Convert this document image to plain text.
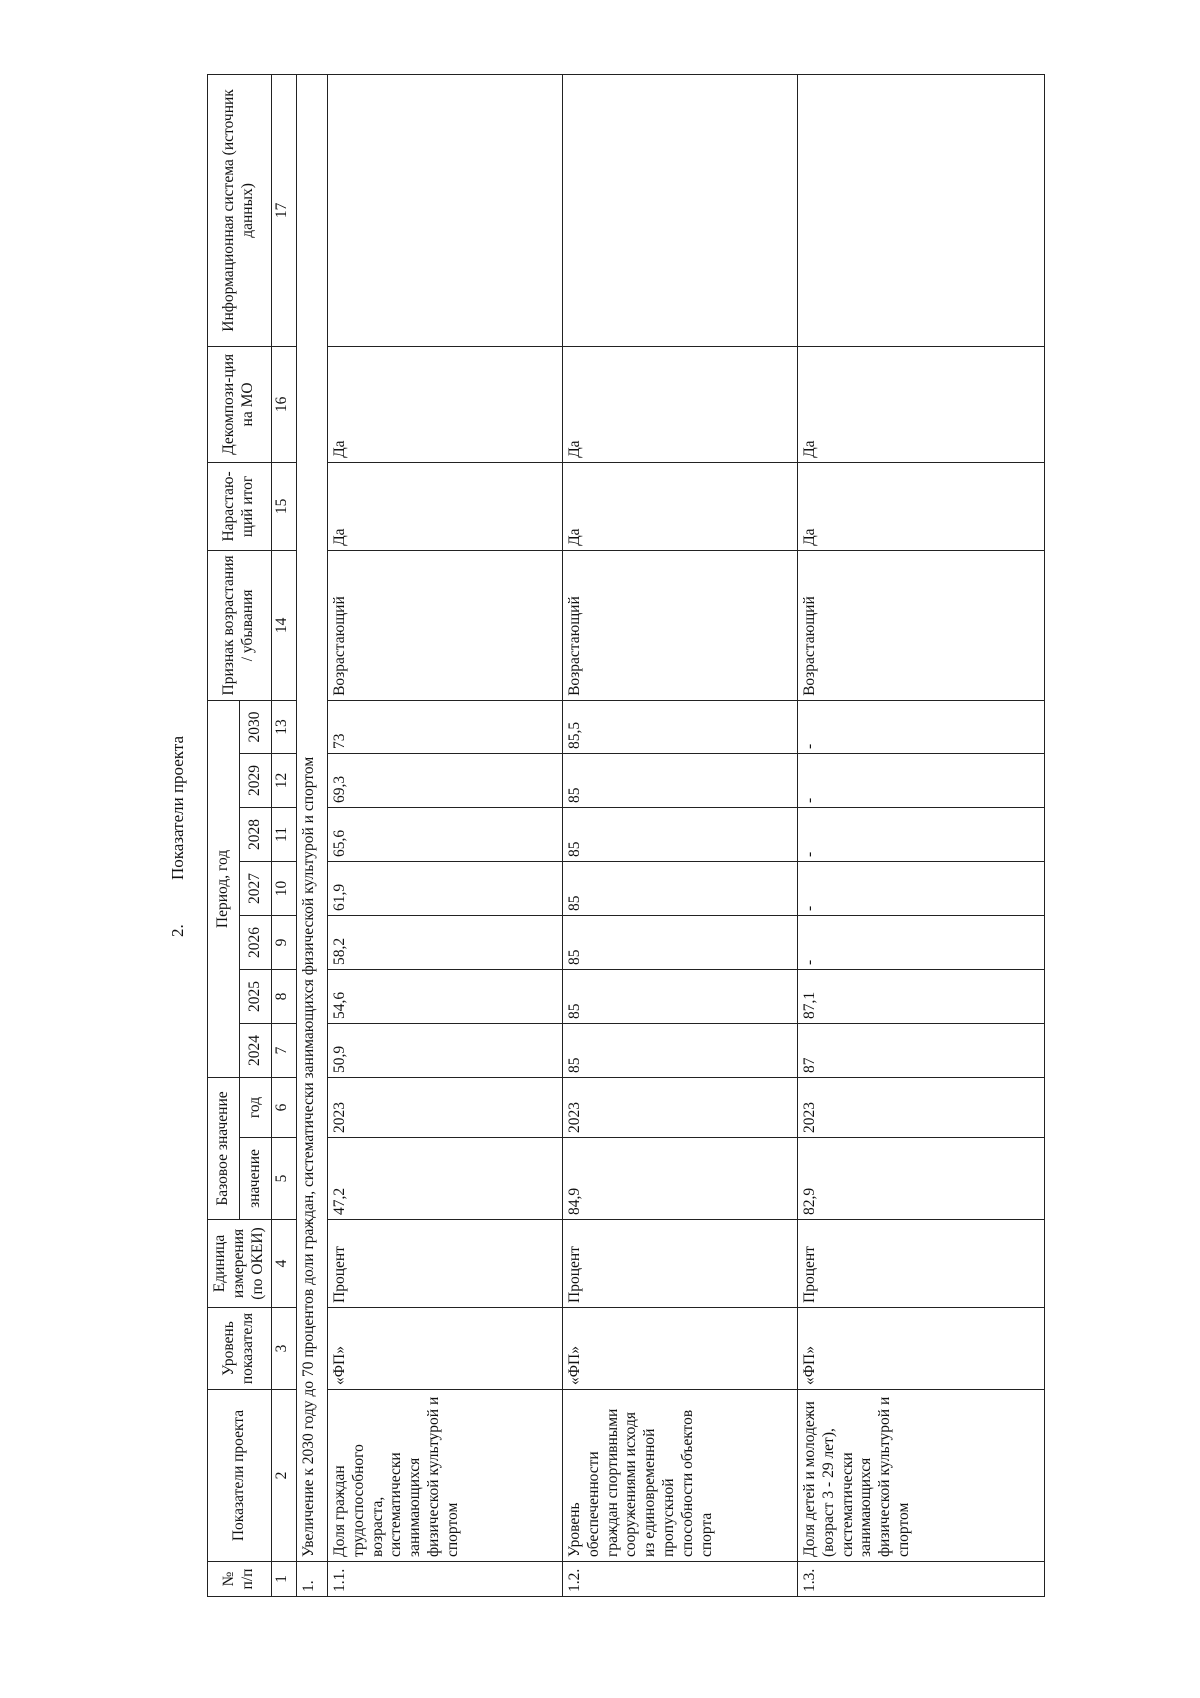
2. Показатели проекта
№ п/п	Показатели проекта	Уровень показателя	Единица измерения (по ОКЕИ)	Базовое значение		Период, год							Признак возрастания / убывания	Нарастаю-щий итог	Декомпози-ция на МО	Информационная система (источник данных)
				значение	год	2024	2025	2026	2027	2028	2029	2030				
1	2	3	4	5	6	7	8	9	10	11	12	13	14	15	16	17
1.	Увеличение к 2030 году до 70 процентов доли граждан, систематически занимающихся физической культурой и спортом															
1.1.	Доля граждан трудоспособного возраста, систематически занимающихся физической культурой и спортом	«ФП»	Процент	47,2	2023	50,9	54,6	58,2	61,9	65,6	69,3	73	Возрастающий	Да	Да	
1.2.	Уровень обеспеченности граждан спортивными сооружениями исходя из единовременной пропускной способности объектов спорта	«ФП»	Процент	84,9	2023	85	85	85	85	85	85	85,5	Возрастающий	Да	Да	
1.3.	Доля детей и молодежи (возраст 3 - 29 лет), систематически занимающихся физической культурой и спортом	«ФП»	Процент	82,9	2023	87	87,1	-	-	-	-	-	Возрастающий	Да	Да	
